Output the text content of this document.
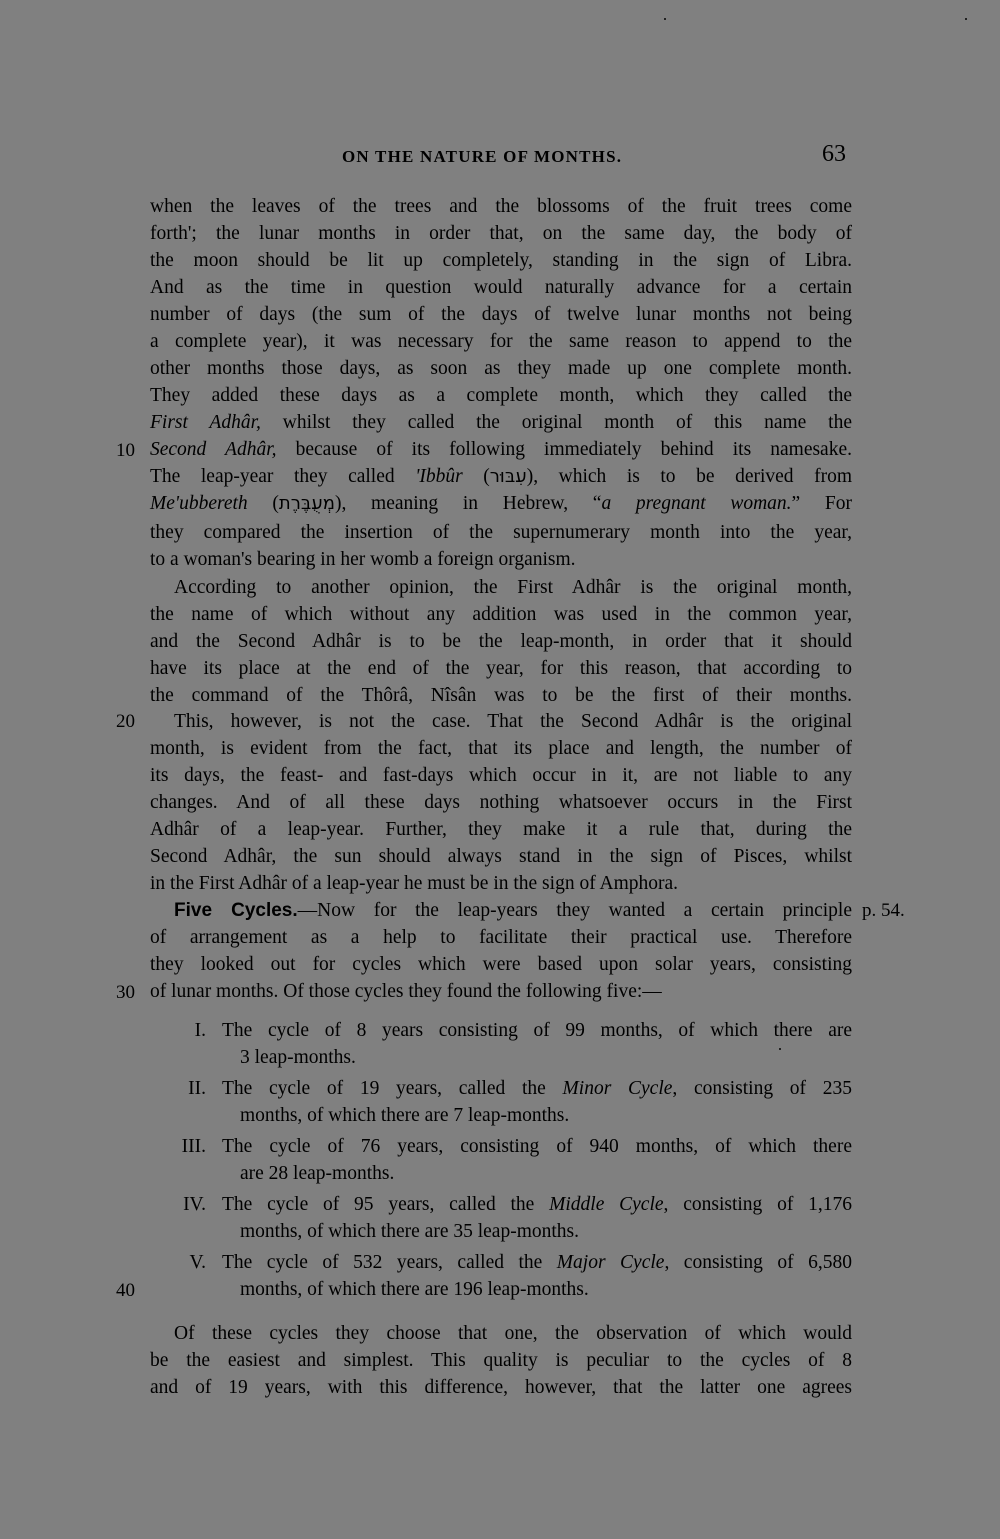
ON THE NATURE OF MONTHS.	63
when the leaves of the trees and the blossoms of the fruit trees come
forth'; the lunar months in order that, on the same day, the body of
the moon should be lit up completely, standing in the sign of Libra.
And as the time in question would naturally advance for a certain
number of days (the sum of the days of twelve lunar months not being
a complete year), it was necessary for the same reason to append to the
other months those days, as soon as they made up one complete month.
They added these days as a complete month, which they called the
First Adhâr, whilst they called the original month of this name the
10 Second Adhâr, because of its following immediately behind its namesake.
The leap-year they called 'Ibbûr (עִבּוּר), which is to be derived from
Me'ubbereth (מְעֻבֶּרֶת), meaning in Hebrew, “a pregnant woman.” For
they compared the insertion of the supernumerary month into the year,
to a woman's bearing in her womb a foreign organism.
According to another opinion, the First Adhâr is the original month,
the name of which without any addition was used in the common year,
and the Second Adhâr is to be the leap-month, in order that it should
have its place at the end of the year, for this reason, that according to
the command of the Thôrâ, Nîsân was to be the first of their months.
20	This, however, is not the case. That the Second Adhâr is the original
month, is evident from the fact, that its place and length, the number of
its days, the feast- and fast-days which occur in it, are not liable to any
changes. And of all these days nothing whatsoever occurs in the First
Adhâr of a leap-year. Further, they make it a rule that, during the
Second Adhâr, the sun should always stand in the sign of Pisces, whilst
in the First Adhâr of a leap-year he must be in the sign of Amphora.
Five Cycles.—Now for the leap-years they wanted a certain principle p. 54.
of arrangement as a help to facilitate their practical use. Therefore
they looked out for cycles which were based upon solar years, consisting
30 of lunar months. Of those cycles they found the following five:—
I. The cycle of 8 years consisting of 99 months, of which there are
3 leap-months.
II. The cycle of 19 years, called the Minor Cycle, consisting of 235
months, of which there are 7 leap-months.
III. The cycle of 76 years, consisting of 940 months, of which there
are 28 leap-months.
IV. The cycle of 95 years, called the Middle Cycle, consisting of 1,176
months, of which there are 35 leap-months.
V. The cycle of 532 years, called the Major Cycle, consisting of 6,580
months, of which there are 196 leap-months.
40
Of these cycles they choose that one, the observation of which would
be the easiest and simplest. This quality is peculiar to the cycles of 8
and of 19 years, with this difference, however, that the latter one agrees
